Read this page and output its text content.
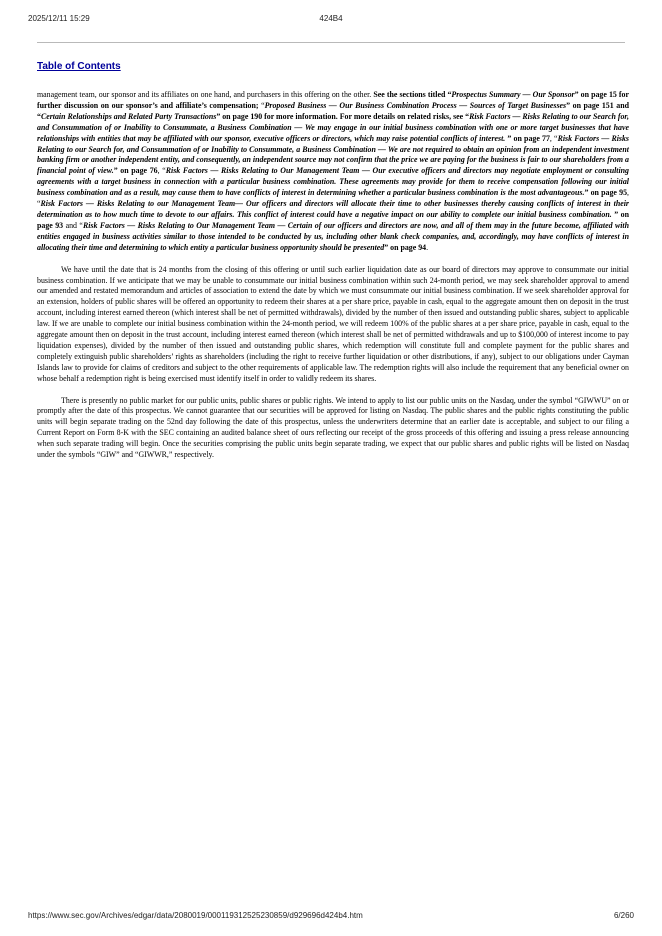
2025/12/11 15:29	424B4
Table of Contents

management team, our sponsor and its affiliates on one hand, and purchasers in this offering on the other. See the sections titled “Prospectus Summary — Our Sponsor” on page 15 for further discussion on our sponsor’s and affiliate’s compensation; “Proposed Business — Our Business Combination Process — Sources of Target Businesses” on page 151 and “Certain Relationships and Related Party Transactions” on page 190 for more information. For more details on related risks, see “Risk Factors — Risks Relating to our Search for, and Consummation of or Inability to Consummate, a Business Combination — We may engage in our initial business combination with one or more target businesses that have relationships with entities that may be affiliated with our sponsor, executive officers or directors, which may raise potential conflicts of interest. ” on page 77, “Risk Factors — Risks Relating to our Search for, and Consummation of or Inability to Consummate, a Business Combination — We are not required to obtain an opinion from an independent investment banking firm or another independent entity, and consequently, an independent source may not confirm that the price we are paying for the business is fair to our shareholders from a financial point of view.” on page 76, “Risk Factors — Risks Relating to Our Management Team — Our executive officers and directors may negotiate employment or consulting agreements with a target business in connection with a particular business combination. These agreements may provide for them to receive compensation following our initial business combination and as a result, may cause them to have conflicts of interest in determining whether a particular business combination is the most advantageous.” on page 95, “Risk Factors — Risks Relating to our Management Team— Our officers and directors will allocate their time to other businesses thereby causing conflicts of interest in their determination as to how much time to devote to our affairs. This conflict of interest could have a negative impact on our ability to complete our initial business combination. ” on page 93 and “Risk Factors — Risks Relating to Our Management Team — Certain of our officers and directors are now, and all of them may in the future become, affiliated with entities engaged in business activities similar to those intended to be conducted by us, including other blank check companies, and, accordingly, may have conflicts of interest in allocating their time and determining to which entity a particular business opportunity should be presented” on page 94.

We have until the date that is 24 months from the closing of this offering or until such earlier liquidation date as our board of directors may approve to consummate our initial business combination. If we anticipate that we may be unable to consummate our initial business combination within such 24-month period, we may seek shareholder approval to amend our amended and restated memorandum and articles of association to extend the date by which we must consummate our initial business combination. If we seek shareholder approval for an extension, holders of public shares will be offered an opportunity to redeem their shares at a per share price, payable in cash, equal to the aggregate amount then on deposit in the trust account, including interest earned thereon (which interest shall be net of permitted withdrawals), divided by the number of then issued and outstanding public shares, subject to applicable law. If we are unable to complete our initial business combination within the 24-month period, we will redeem 100% of the public shares at a per share price, payable in cash, equal to the aggregate amount then on deposit in the trust account, including interest earned thereon (which interest shall be net of permitted withdrawals and up to $100,000 of interest income to pay liquidation expenses), divided by the number of then issued and outstanding public shares, which redemption will constitute full and complete payment for the public shares and completely extinguish public shareholders’ rights as shareholders (including the right to receive further liquidation or other distributions, if any), subject to our obligations under Cayman Islands law to provide for claims of creditors and subject to the other requirements of applicable law. The redemption rights will also include the requirement that any beneficial owner on whose behalf a redemption right is being exercised must identify itself in order to validly redeem its shares.

There is presently no public market for our public units, public shares or public rights. We intend to apply to list our public units on the Nasdaq, under the symbol “GIWWU” on or promptly after the date of this prospectus. We cannot guarantee that our securities will be approved for listing on Nasdaq. The public shares and the public rights constituting the public units will begin separate trading on the 52nd day following the date of this prospectus, unless the underwriters determine that an earlier date is acceptable, and subject to our filing a Current Report on Form 8-K with the SEC containing an audited balance sheet of ours reflecting our receipt of the gross proceeds of this offering and issuing a press release announcing when such separate trading will begin. Once the securities comprising the public units begin separate trading, we expect that our public shares and public rights will be listed on Nasdaq under the symbols “GIW” and “GIWWR,” respectively.

https://www.sec.gov/Archives/edgar/data/2080019/000119312525230859/d929696d424b4.htm	6/260
